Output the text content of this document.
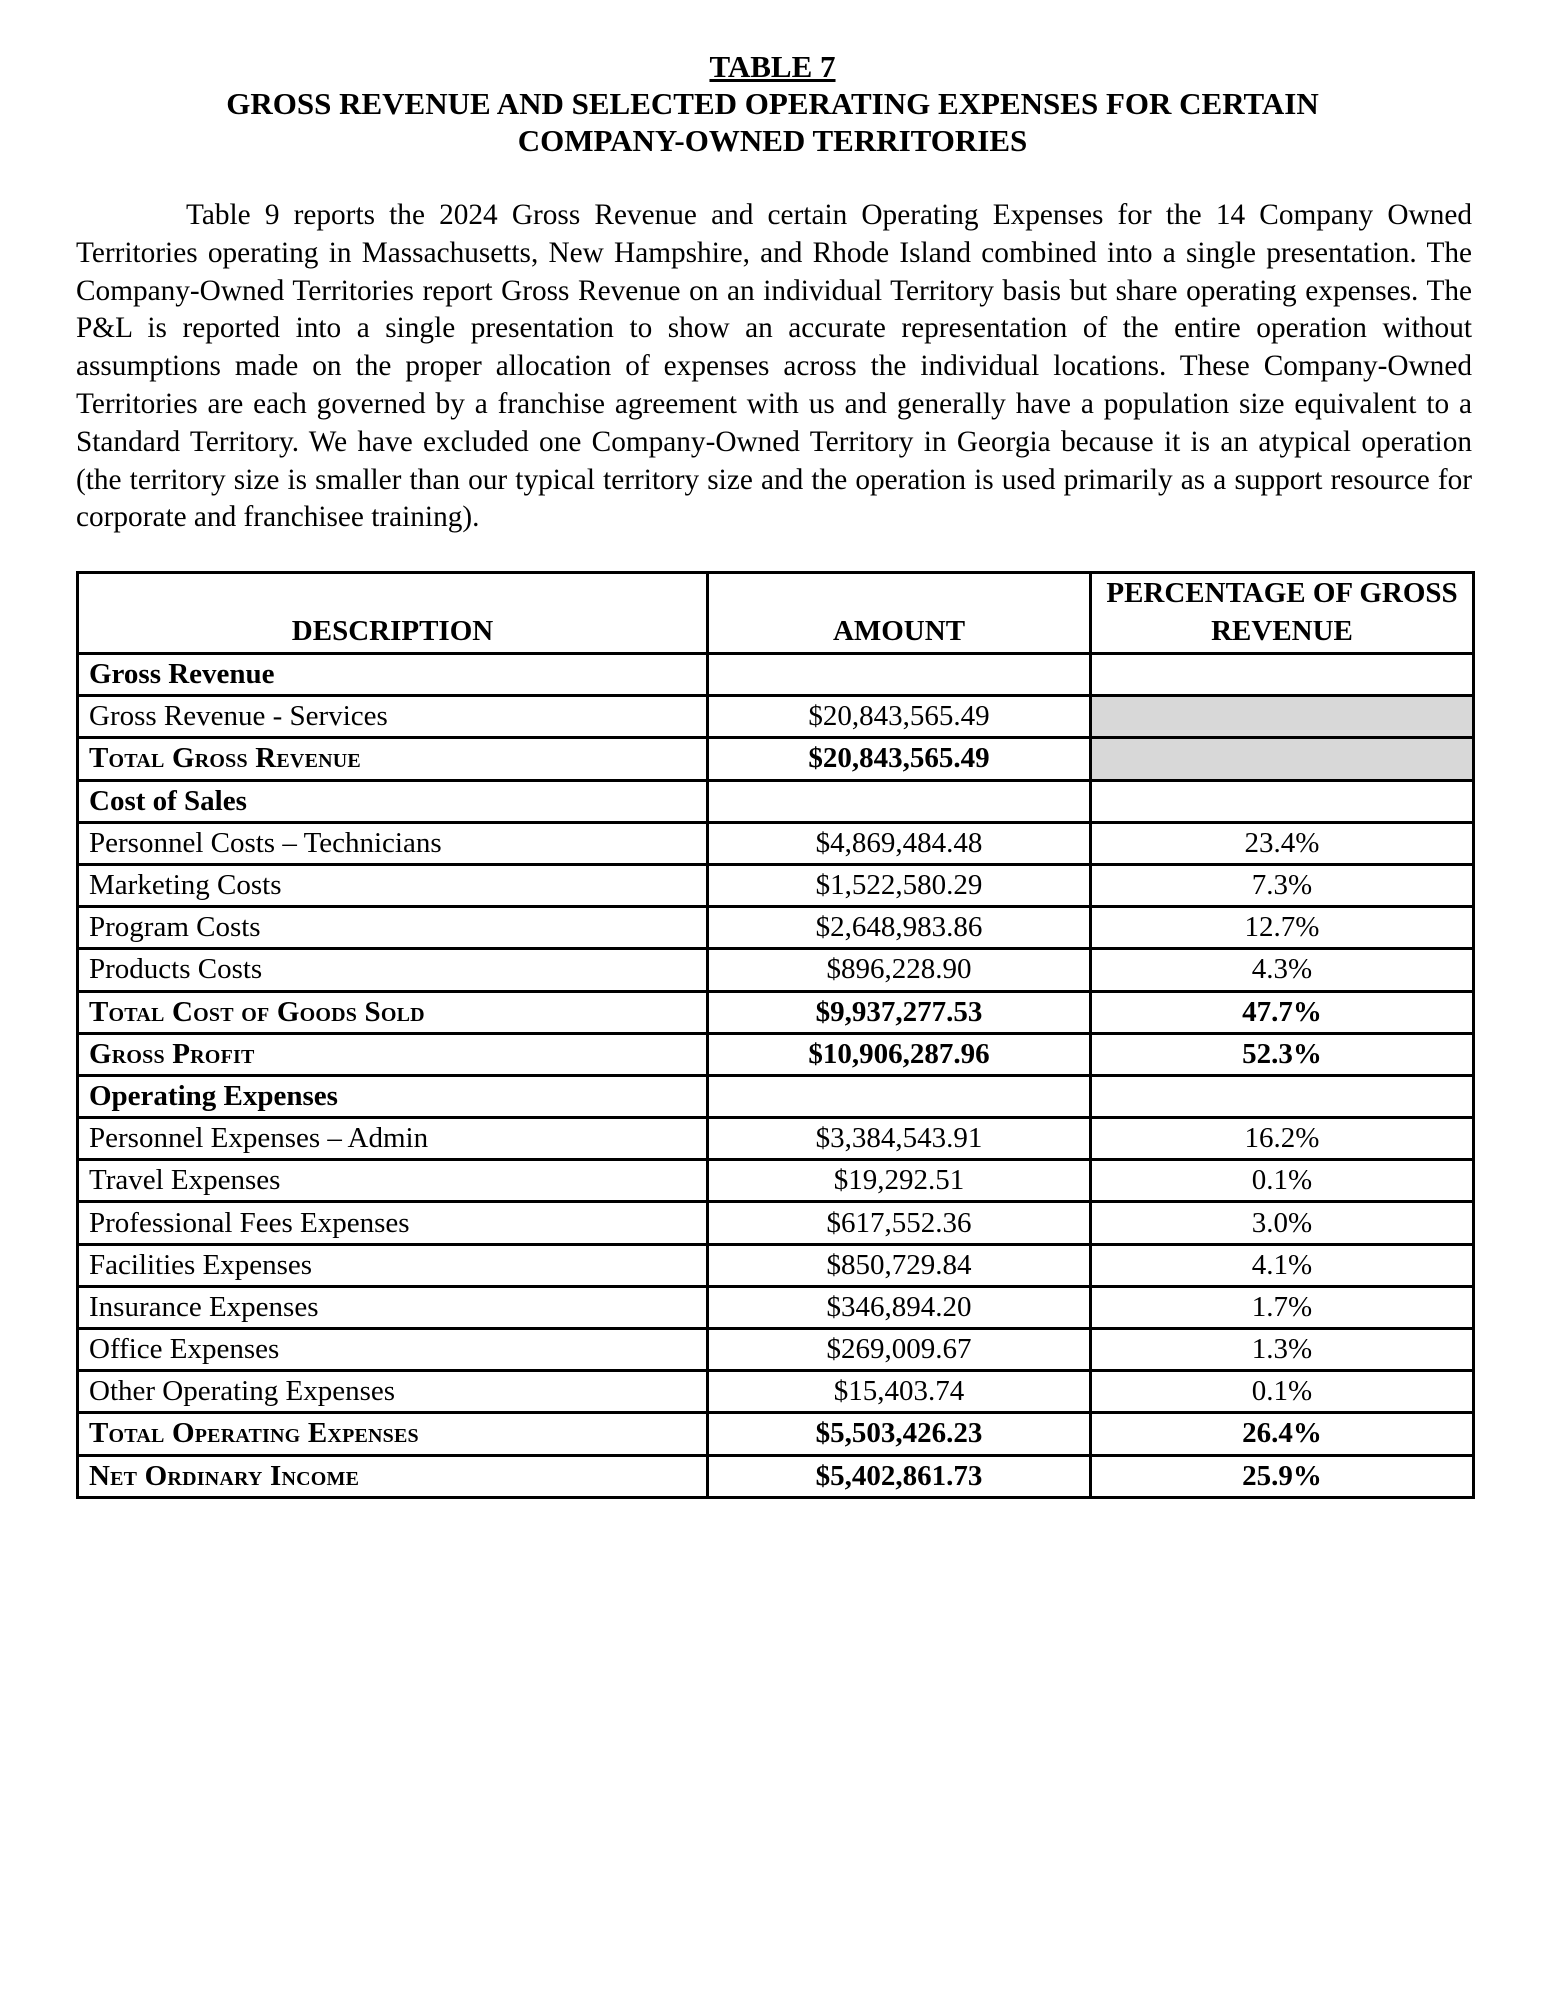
TABLE 7
GROSS REVENUE AND SELECTED OPERATING EXPENSES FOR CERTAIN
COMPANY-OWNED TERRITORIES

Table 9 reports the 2024 Gross Revenue and certain Operating Expenses for the 14 Company Owned Territories operating in Massachusetts, New Hampshire, and Rhode Island combined into a single presentation. The Company-Owned Territories report Gross Revenue on an individual Territory basis but share operating expenses. The P&L is reported into a single presentation to show an accurate representation of the entire operation without assumptions made on the proper allocation of expenses across the individual locations. These Company-Owned Territories are each governed by a franchise agreement with us and generally have a population size equivalent to a Standard Territory. We have excluded one Company-Owned Territory in Georgia because it is an atypical operation (the territory size is smaller than our typical territory size and the operation is used primarily as a support resource for corporate and franchisee training).

DESCRIPTION	AMOUNT	PERCENTAGE OF GROSS REVENUE
Gross Revenue		
Gross Revenue - Services	$20,843,565.49	
Total Gross Revenue	$20,843,565.49	
Cost of Sales		
Personnel Costs – Technicians	$4,869,484.48	23.4%
Marketing Costs	$1,522,580.29	7.3%
Program Costs	$2,648,983.86	12.7%
Products Costs	$896,228.90	4.3%
Total Cost of Goods Sold	$9,937,277.53	47.7%
Gross Profit	$10,906,287.96	52.3%
Operating Expenses		
Personnel Expenses – Admin	$3,384,543.91	16.2%
Travel Expenses	$19,292.51	0.1%
Professional Fees Expenses	$617,552.36	3.0%
Facilities Expenses	$850,729.84	4.1%
Insurance Expenses	$346,894.20	1.7%
Office Expenses	$269,009.67	1.3%
Other Operating Expenses	$15,403.74	0.1%
Total Operating Expenses	$5,503,426.23	26.4%
Net Ordinary Income	$5,402,861.73	25.9%
